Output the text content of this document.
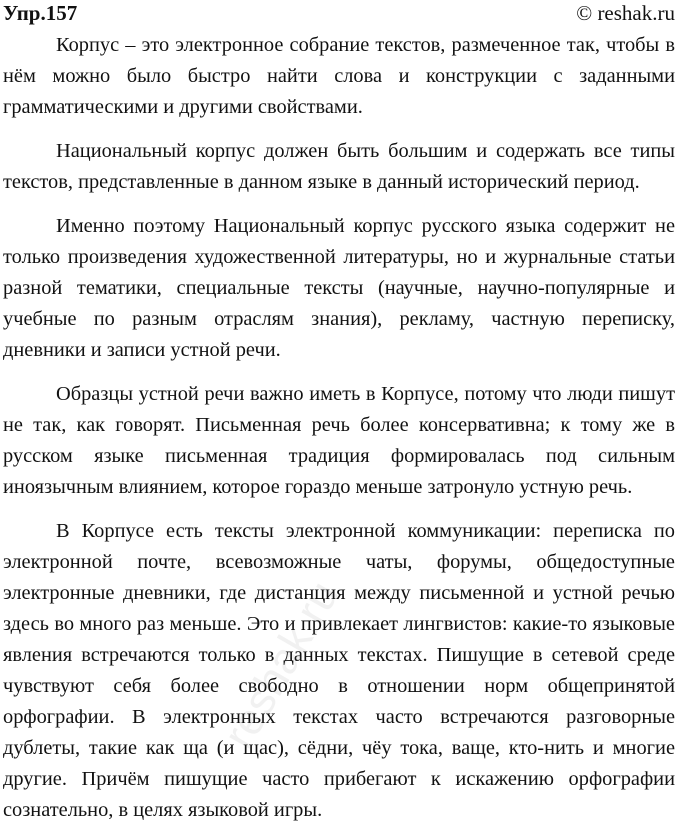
Упр.157	© reshak.ru

Корпус – это электронное собрание текстов, размеченное так, чтобы в нём можно было быстро найти слова и конструкции с заданными грамматическими и другими свойствами.

Национальный корпус должен быть большим и содержать все типы текстов, представленные в данном языке в данный исторический период.

Именно поэтому Национальный корпус русского языка содержит не только произведения художественной литературы, но и журнальные статьи разной тематики, специальные тексты (научные, научно-популярные и учебные по разным отраслям знания), рекламу, частную переписку, дневники и записи устной речи.

Образцы устной речи важно иметь в Корпусе, потому что люди пишут не так, как говорят. Письменная речь более консервативна; к тому же в русском языке письменная традиция формировалась под сильным иноязычным влиянием, которое гораздо меньше затронуло устную речь.

В Корпусе есть тексты электронной коммуникации: переписка по электронной почте, всевозможные чаты, форумы, общедоступные электронные дневники, где дистанция между письменной и устной речью здесь во много раз меньше. Это и привлекает лингвистов: какие-то языковые явления встречаются только в данных текстах. Пишущие в сетевой среде чувствуют себя более свободно в отношении норм общепринятой орфографии. В электронных текстах часто встречаются разговорные дублеты, такие как ща (и щас), сёдни, чёу тока, ваще, кто-нить и многие другие. Причём пишущие часто прибегают к искажению орфографии сознательно, в целях языковой игры.

reshak.ru
